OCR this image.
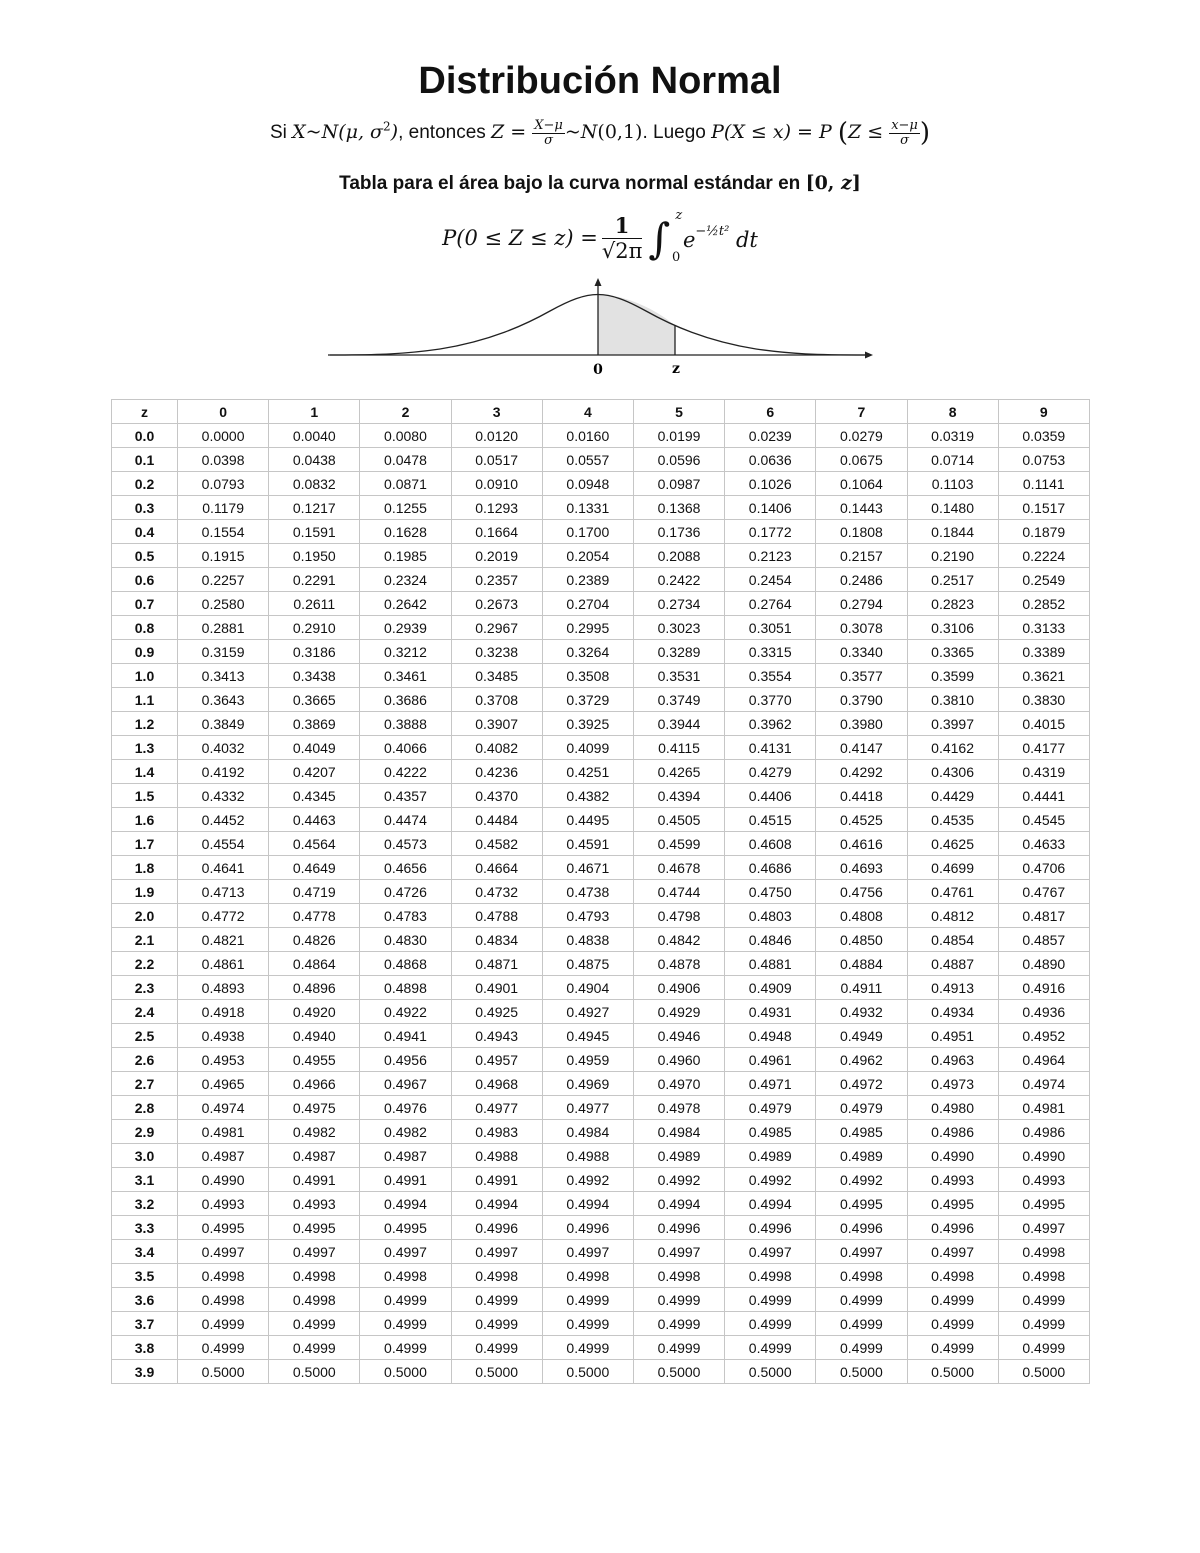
Distribución Normal
Si X~N(μ, $\sigma^2$), entonces $Z = \frac{X-\mu}{\sigma}$ ~N(0,1). Luego P(X ≤ x) = P ($Z \le \frac{x-\mu}{\sigma}$ )
Tabla para el área bajo la curva normal estándar en [0, z]
$P(0 \le Z \le z) = \frac{1}{√2\pi}$ ∫ z
0
$e^{-\frac{1}{2}t^2}$ dt
0	z
z	0	1	2	3	4	5	6	7	8	9
0.0	0.0000	0.0040	0.0080	0.0120	0.0160	0.0199	0.0239	0.0279	0.0319	0.0359
0.1	0.0398	0.0438	0.0478	0.0517	0.0557	0.0596	0.0636	0.0675	0.0714	0.0753
0.2	0.0793	0.0832	0.0871	0.0910	0.0948	0.0987	0.1026	0.1064	0.1103	0.1141
0.3	0.1179	0.1217	0.1255	0.1293	0.1331	0.1368	0.1406	0.1443	0.1480	0.1517
0.4	0.1554	0.1591	0.1628	0.1664	0.1700	0.1736	0.1772	0.1808	0.1844	0.1879
0.5	0.1915	0.1950	0.1985	0.2019	0.2054	0.2088	0.2123	0.2157	0.2190	0.2224
0.6	0.2257	0.2291	0.2324	0.2357	0.2389	0.2422	0.2454	0.2486	0.2517	0.2549
0.7	0.2580	0.2611	0.2642	0.2673	0.2704	0.2734	0.2764	0.2794	0.2823	0.2852
0.8	0.2881	0.2910	0.2939	0.2967	0.2995	0.3023	0.3051	0.3078	0.3106	0.3133
0.9	0.3159	0.3186	0.3212	0.3238	0.3264	0.3289	0.3315	0.3340	0.3365	0.3389
1.0	0.3413	0.3438	0.3461	0.3485	0.3508	0.3531	0.3554	0.3577	0.3599	0.3621
1.1	0.3643	0.3665	0.3686	0.3708	0.3729	0.3749	0.3770	0.3790	0.3810	0.3830
1.2	0.3849	0.3869	0.3888	0.3907	0.3925	0.3944	0.3962	0.3980	0.3997	0.4015
1.3	0.4032	0.4049	0.4066	0.4082	0.4099	0.4115	0.4131	0.4147	0.4162	0.4177
1.4	0.4192	0.4207	0.4222	0.4236	0.4251	0.4265	0.4279	0.4292	0.4306	0.4319
1.5	0.4332	0.4345	0.4357	0.4370	0.4382	0.4394	0.4406	0.4418	0.4429	0.4441
1.6	0.4452	0.4463	0.4474	0.4484	0.4495	0.4505	0.4515	0.4525	0.4535	0.4545
1.7	0.4554	0.4564	0.4573	0.4582	0.4591	0.4599	0.4608	0.4616	0.4625	0.4633
1.8	0.4641	0.4649	0.4656	0.4664	0.4671	0.4678	0.4686	0.4693	0.4699	0.4706
1.9	0.4713	0.4719	0.4726	0.4732	0.4738	0.4744	0.4750	0.4756	0.4761	0.4767
2.0	0.4772	0.4778	0.4783	0.4788	0.4793	0.4798	0.4803	0.4808	0.4812	0.4817
2.1	0.4821	0.4826	0.4830	0.4834	0.4838	0.4842	0.4846	0.4850	0.4854	0.4857
2.2	0.4861	0.4864	0.4868	0.4871	0.4875	0.4878	0.4881	0.4884	0.4887	0.4890
2.3	0.4893	0.4896	0.4898	0.4901	0.4904	0.4906	0.4909	0.4911	0.4913	0.4916
2.4	0.4918	0.4920	0.4922	0.4925	0.4927	0.4929	0.4931	0.4932	0.4934	0.4936
2.5	0.4938	0.4940	0.4941	0.4943	0.4945	0.4946	0.4948	0.4949	0.4951	0.4952
2.6	0.4953	0.4955	0.4956	0.4957	0.4959	0.4960	0.4961	0.4962	0.4963	0.4964
2.7	0.4965	0.4966	0.4967	0.4968	0.4969	0.4970	0.4971	0.4972	0.4973	0.4974
2.8	0.4974	0.4975	0.4976	0.4977	0.4977	0.4978	0.4979	0.4979	0.4980	0.4981
2.9	0.4981	0.4982	0.4982	0.4983	0.4984	0.4984	0.4985	0.4985	0.4986	0.4986
3.0	0.4987	0.4987	0.4987	0.4988	0.4988	0.4989	0.4989	0.4989	0.4990	0.4990
3.1	0.4990	0.4991	0.4991	0.4991	0.4992	0.4992	0.4992	0.4992	0.4993	0.4993
3.2	0.4993	0.4993	0.4994	0.4994	0.4994	0.4994	0.4994	0.4995	0.4995	0.4995
3.3	0.4995	0.4995	0.4995	0.4996	0.4996	0.4996	0.4996	0.4996	0.4996	0.4997
3.4	0.4997	0.4997	0.4997	0.4997	0.4997	0.4997	0.4997	0.4997	0.4997	0.4998
3.5	0.4998	0.4998	0.4998	0.4998	0.4998	0.4998	0.4998	0.4998	0.4998	0.4998
3.6	0.4998	0.4998	0.4999	0.4999	0.4999	0.4999	0.4999	0.4999	0.4999	0.4999
3.7	0.4999	0.4999	0.4999	0.4999	0.4999	0.4999	0.4999	0.4999	0.4999	0.4999
3.8	0.4999	0.4999	0.4999	0.4999	0.4999	0.4999	0.4999	0.4999	0.4999	0.4999
3.9	0.5000	0.5000	0.5000	0.5000	0.5000	0.5000	0.5000	0.5000	0.5000	0.5000
